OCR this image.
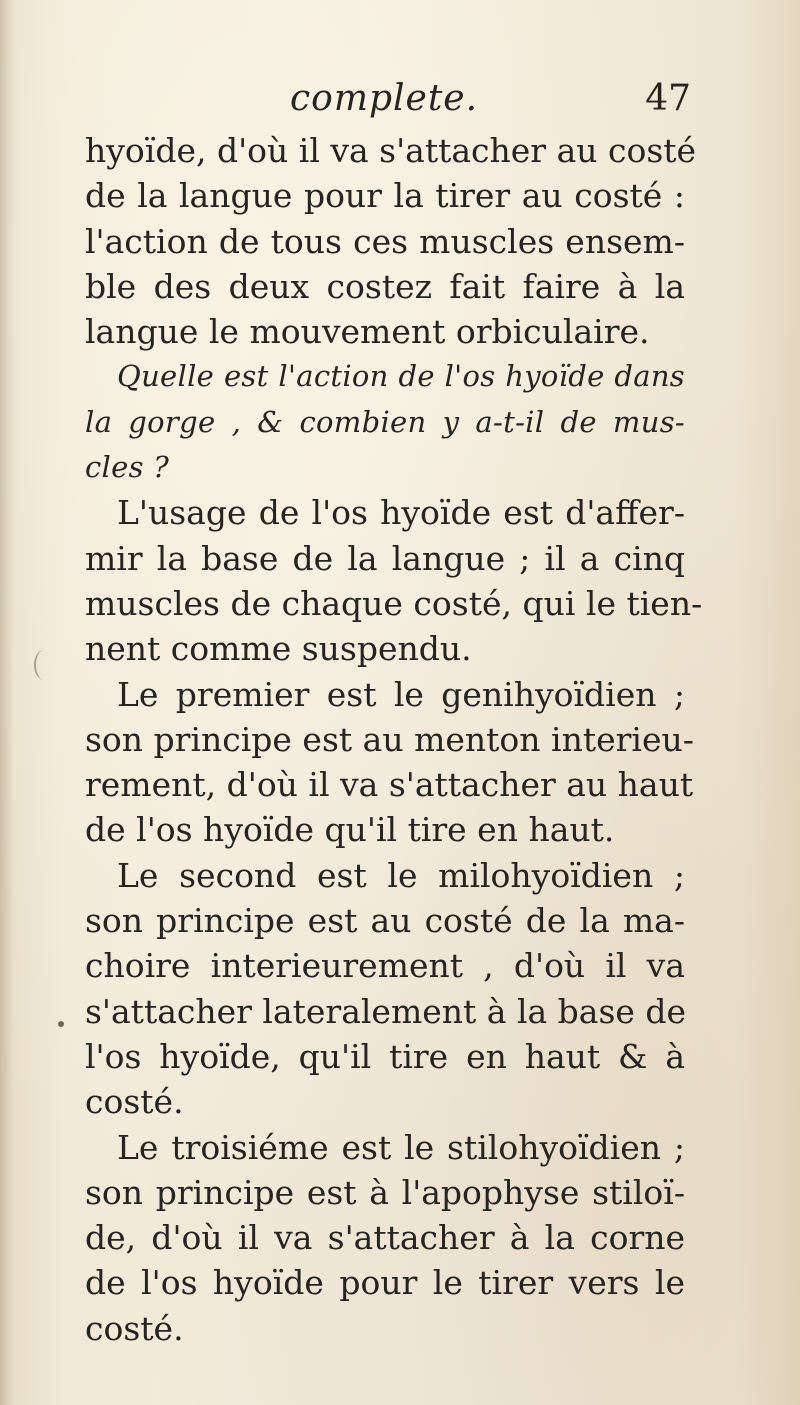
complete.	47
hyoïde, d'où il va s'attacher au costé
de la langue pour la tirer au costé :
l'action de tous ces muscles ensem-
ble des deux costez fait faire à la
langue le mouvement orbiculaire.
Quelle est l'action de l'os hyoïde dans
la gorge , & combien y a-t-il de mus-
cles ?
L'usage de l'os hyoïde est d'affer-
mir la base de la langue ; il a cinq
muscles de chaque costé, qui le tien-
nent comme suspendu.
Le premier est le genihyoïdien ;
son principe est au menton interieu-
rement, d'où il va s'attacher au haut
de l'os hyoïde qu'il tire en haut.
Le second est le milohyoïdien ;
son principe est au costé de la ma-
choire interieurement , d'où il va
s'attacher lateralement à la base de
l'os hyoïde, qu'il tire en haut & à
costé.
Le troisiéme est le stilohyoïdien ;
son principe est à l'apophyse stiloï-
de, d'où il va s'attacher à la corne
de l'os hyoïde pour le tirer vers le
costé.
